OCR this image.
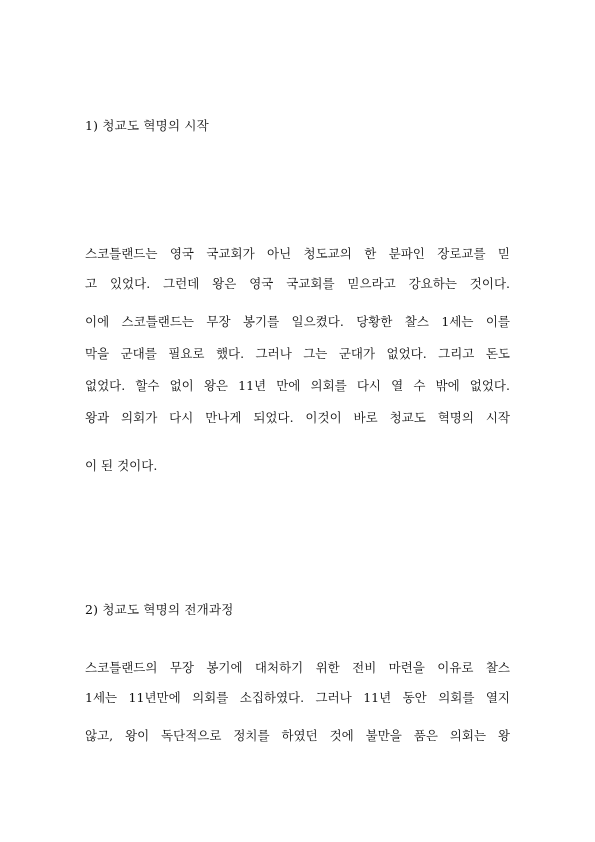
1) 청교도 혁명의 시작
스코틀랜드는 영국 국교회가 아닌 청도교의 한 분파인 장로교를 믿
고 있었다. 그런데 왕은 영국 국교회를 믿으라고 강요하는 것이다.
이에 스코틀랜드는 무장 봉기를 일으켰다. 당황한 찰스 1세는 이를
막을 군대를 필요로 했다. 그러나 그는 군대가 없었다. 그리고 돈도
없었다. 할수 없이 왕은 11년 만에 의회를 다시 열 수 밖에 없었다.
왕과 의회가 다시 만나게 되었다. 이것이 바로 청교도 혁명의 시작
이 된 것이다.
2) 청교도 혁명의 전개과정
스코틀랜드의 무장 봉기에 대처하기 위한 전비 마련을 이유로 찰스
1세는 11년만에 의회를 소집하였다. 그러나 11년 동안 의회를 열지
않고, 왕이 독단적으로 정치를 하였던 것에 불만을 품은 의회는 왕
